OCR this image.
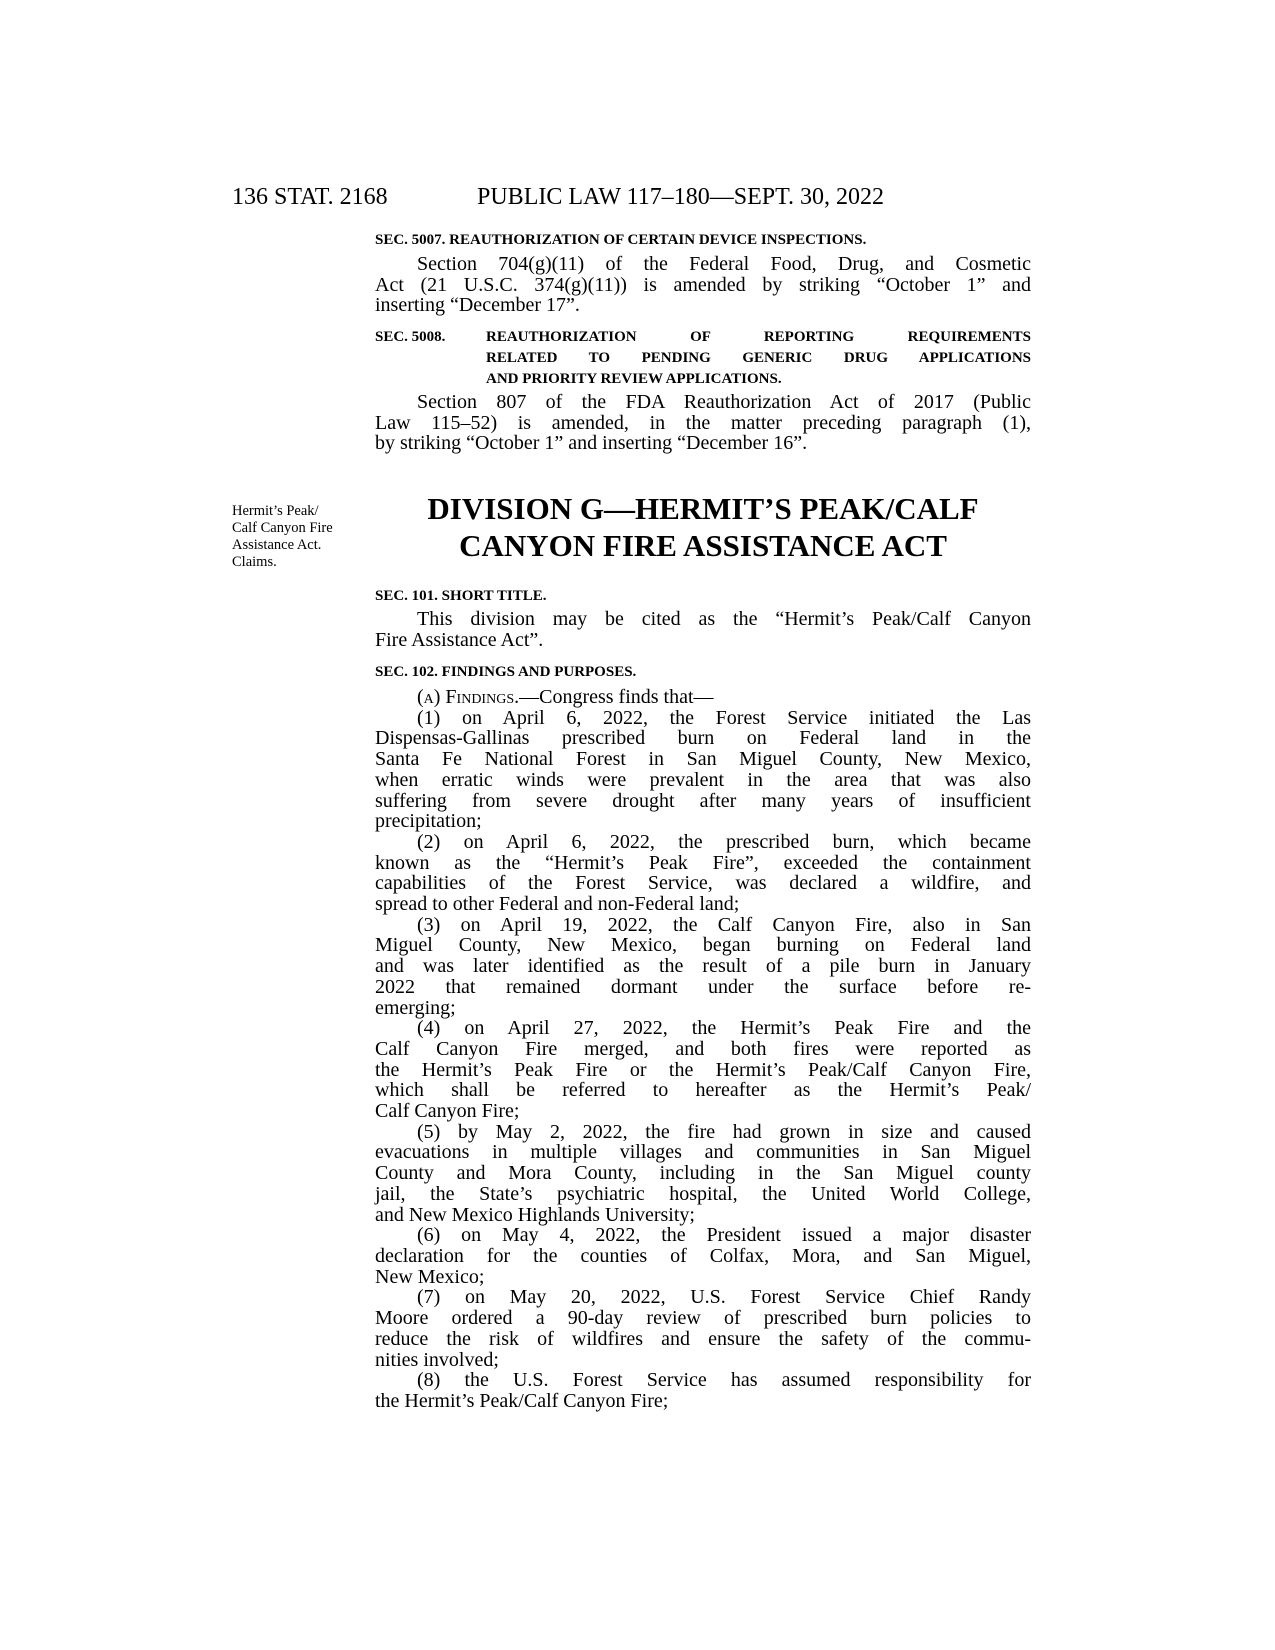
136 STAT. 2168	PUBLIC LAW 117–180—SEPT. 30, 2022
SEC. 5007. REAUTHORIZATION OF CERTAIN DEVICE INSPECTIONS.
Section 704(g)(11) of the Federal Food, Drug, and Cosmetic
Act (21 U.S.C. 374(g)(11)) is amended by striking “October 1” and
inserting “December 17”.
SEC. 5008.	REAUTHORIZATION OF REPORTING REQUIREMENTS
RELATED TO PENDING GENERIC DRUG APPLICATIONS
AND PRIORITY REVIEW APPLICATIONS.
Section 807 of the FDA Reauthorization Act of 2017 (Public
Law 115–52) is amended, in the matter preceding paragraph (1),
by striking “October 1” and inserting “December 16”.
Hermit’s Peak/
Calf Canyon Fire
Assistance Act.
Claims.
DIVISION G—HERMIT’S PEAK/CALF
CANYON FIRE ASSISTANCE ACT
SEC. 101. SHORT TITLE.
This division may be cited as the “Hermit’s Peak/Calf Canyon
Fire Assistance Act”.
SEC. 102. FINDINGS AND PURPOSES.
(a) Findings.—Congress finds that—
(1) on April 6, 2022, the Forest Service initiated the Las
Dispensas-Gallinas prescribed burn on Federal land in the
Santa Fe National Forest in San Miguel County, New Mexico,
when erratic winds were prevalent in the area that was also
suffering from severe drought after many years of insufficient
precipitation;
(2) on April 6, 2022, the prescribed burn, which became
known as the “Hermit’s Peak Fire”, exceeded the containment
capabilities of the Forest Service, was declared a wildfire, and
spread to other Federal and non-Federal land;
(3) on April 19, 2022, the Calf Canyon Fire, also in San
Miguel County, New Mexico, began burning on Federal land
and was later identified as the result of a pile burn in January
2022 that remained dormant under the surface before re-
emerging;
(4) on April 27, 2022, the Hermit’s Peak Fire and the
Calf Canyon Fire merged, and both fires were reported as
the Hermit’s Peak Fire or the Hermit’s Peak/Calf Canyon Fire,
which shall be referred to hereafter as the Hermit’s Peak/
Calf Canyon Fire;
(5) by May 2, 2022, the fire had grown in size and caused
evacuations in multiple villages and communities in San Miguel
County and Mora County, including in the San Miguel county
jail, the State’s psychiatric hospital, the United World College,
and New Mexico Highlands University;
(6) on May 4, 2022, the President issued a major disaster
declaration for the counties of Colfax, Mora, and San Miguel,
New Mexico;
(7) on May 20, 2022, U.S. Forest Service Chief Randy
Moore ordered a 90-day review of prescribed burn policies to
reduce the risk of wildfires and ensure the safety of the commu-
nities involved;
(8) the U.S. Forest Service has assumed responsibility for
the Hermit’s Peak/Calf Canyon Fire;
